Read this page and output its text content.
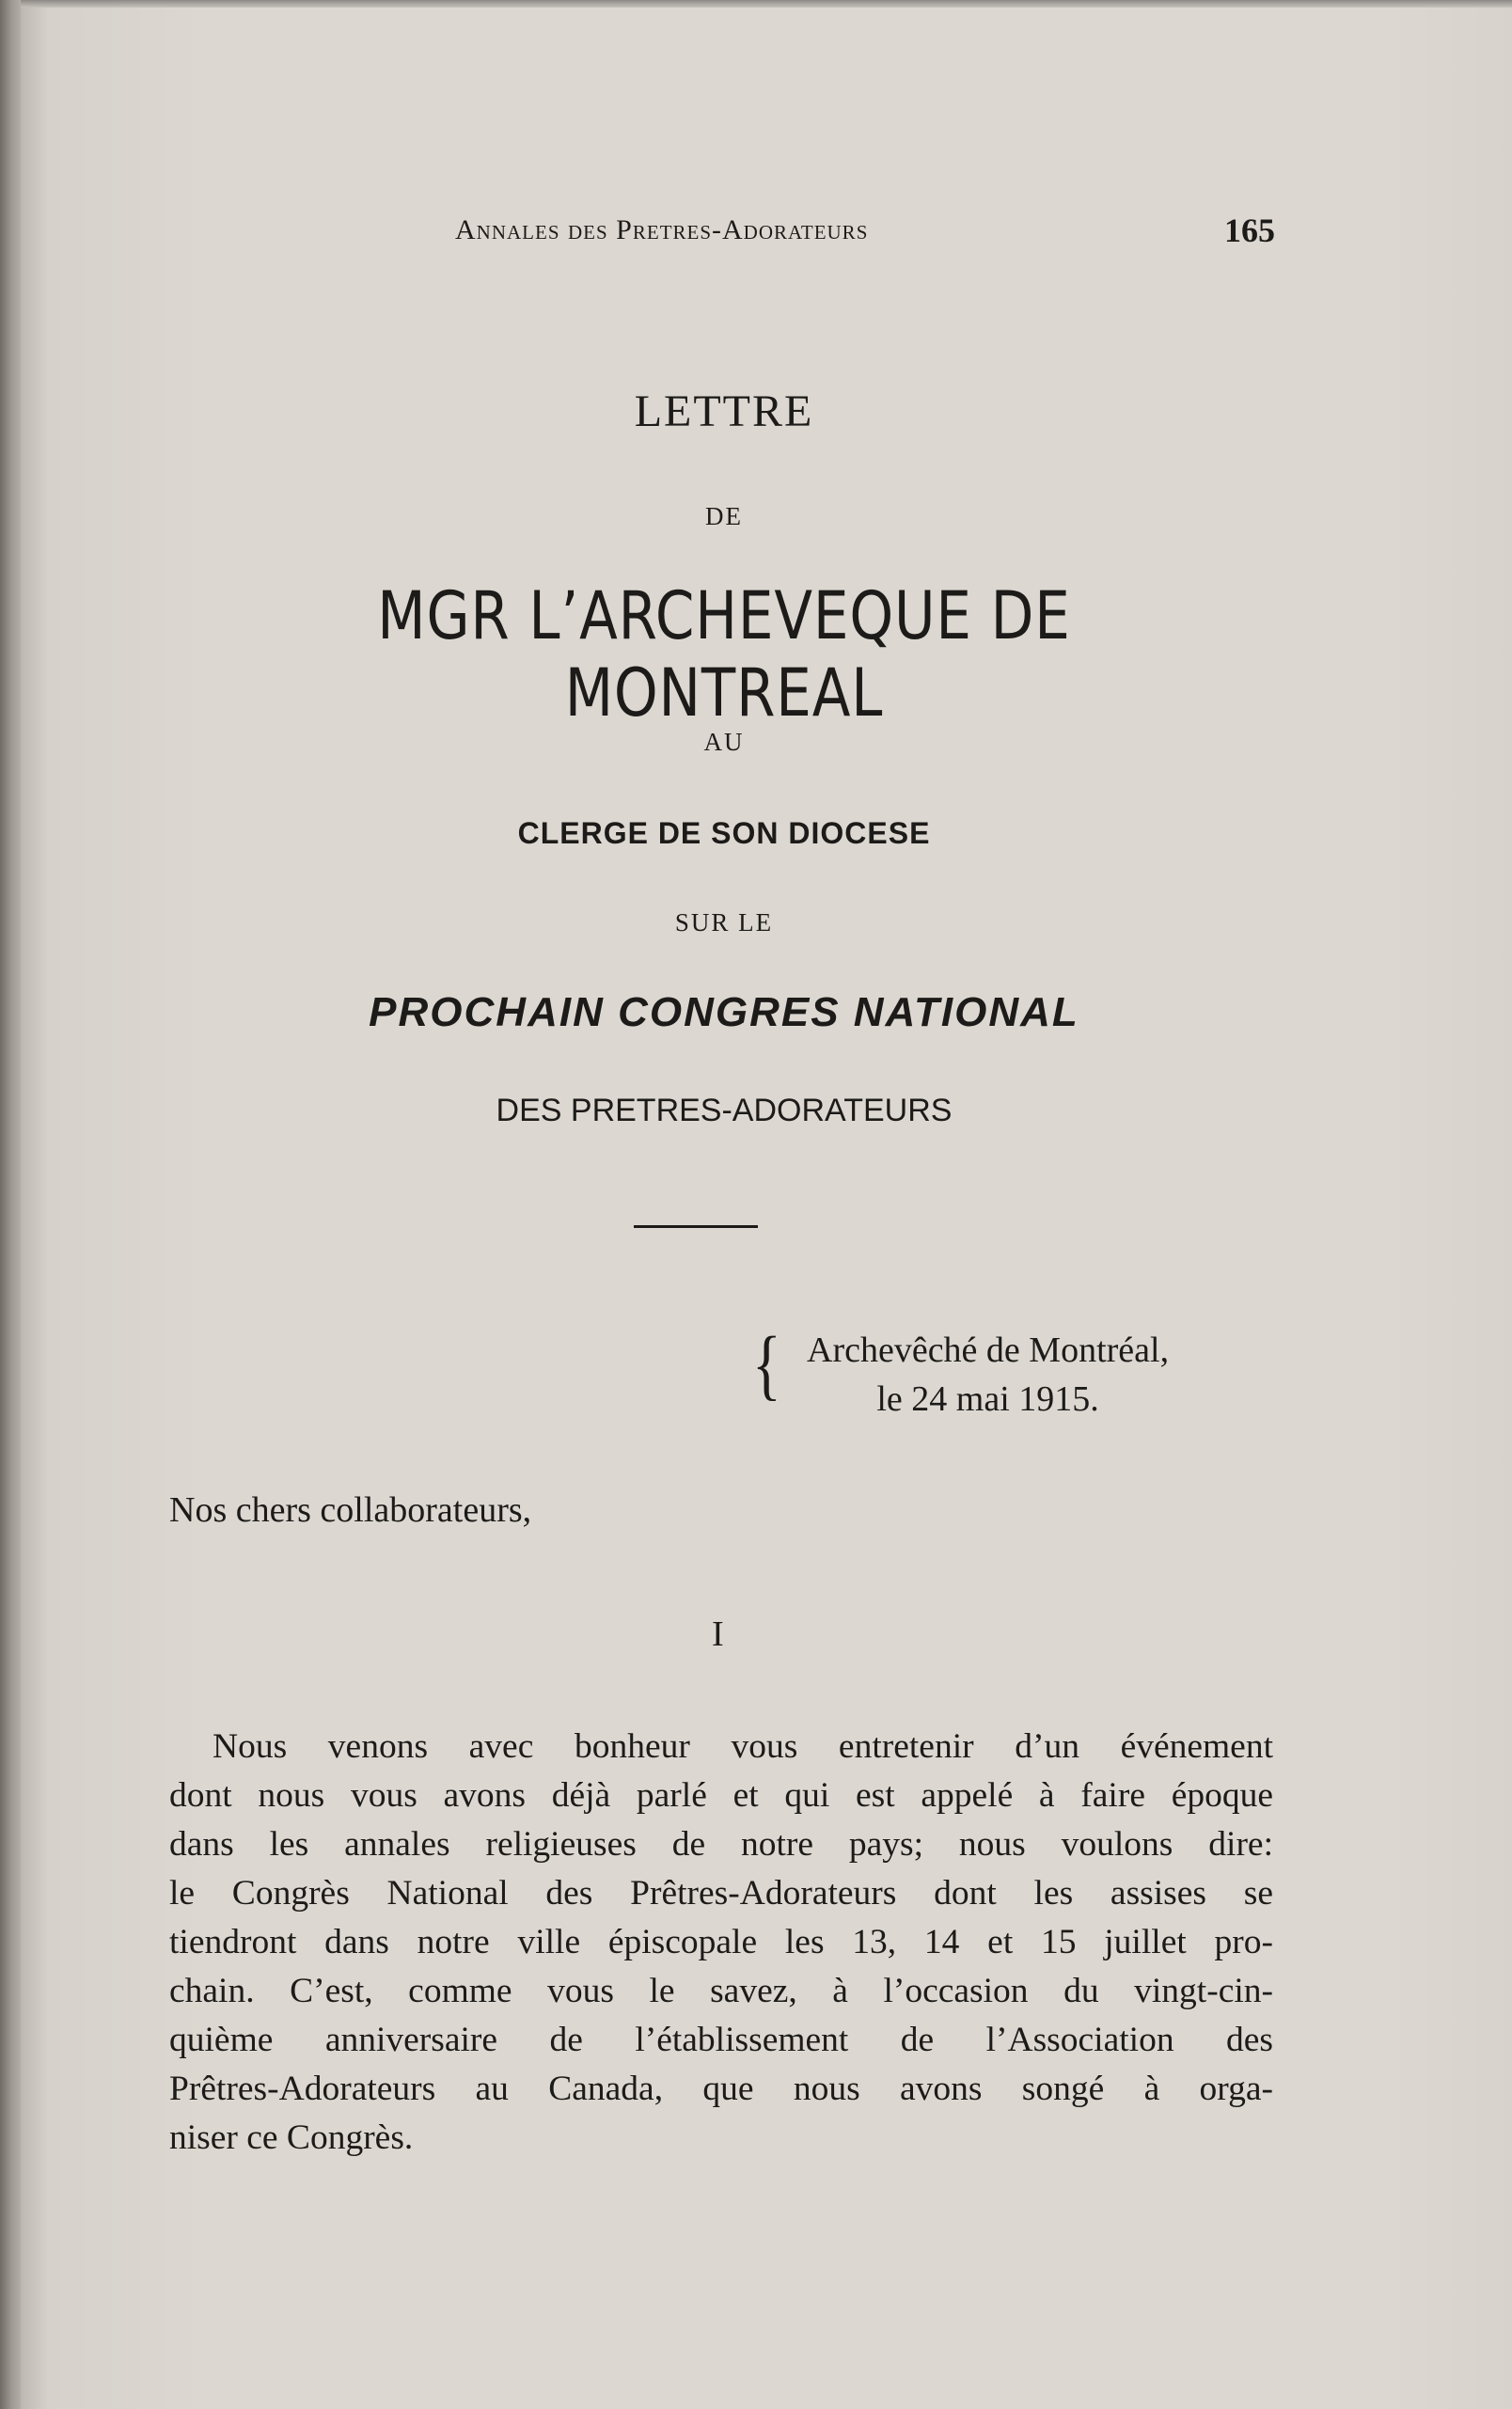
Annales des Pretres-Adorateurs	165
LETTRE
DE
MGR L’ARCHEVEQUE DE MONTREAL
AU
CLERGE DE SON DIOCESE
SUR LE
PROCHAIN CONGRES NATIONAL
DES PRETRES-ADORATEURS
{ Archevêché de Montréal,
le 24 mai 1915.
Nos chers collaborateurs,
I
Nous venons avec bonheur vous entretenir d’un événement
dont nous vous avons déjà parlé et qui est appelé à faire époque
dans les annales religieuses de notre pays; nous voulons dire:
le Congrès National des Prêtres-Adorateurs dont les assises se
tiendront dans notre ville épiscopale les 13, 14 et 15 juillet pro-
chain. C’est, comme vous le savez, à l’occasion du vingt-cin-
quième anniversaire de l’établissement de l’Association des
Prêtres-Adorateurs au Canada, que nous avons songé à orga-
niser ce Congrès.
